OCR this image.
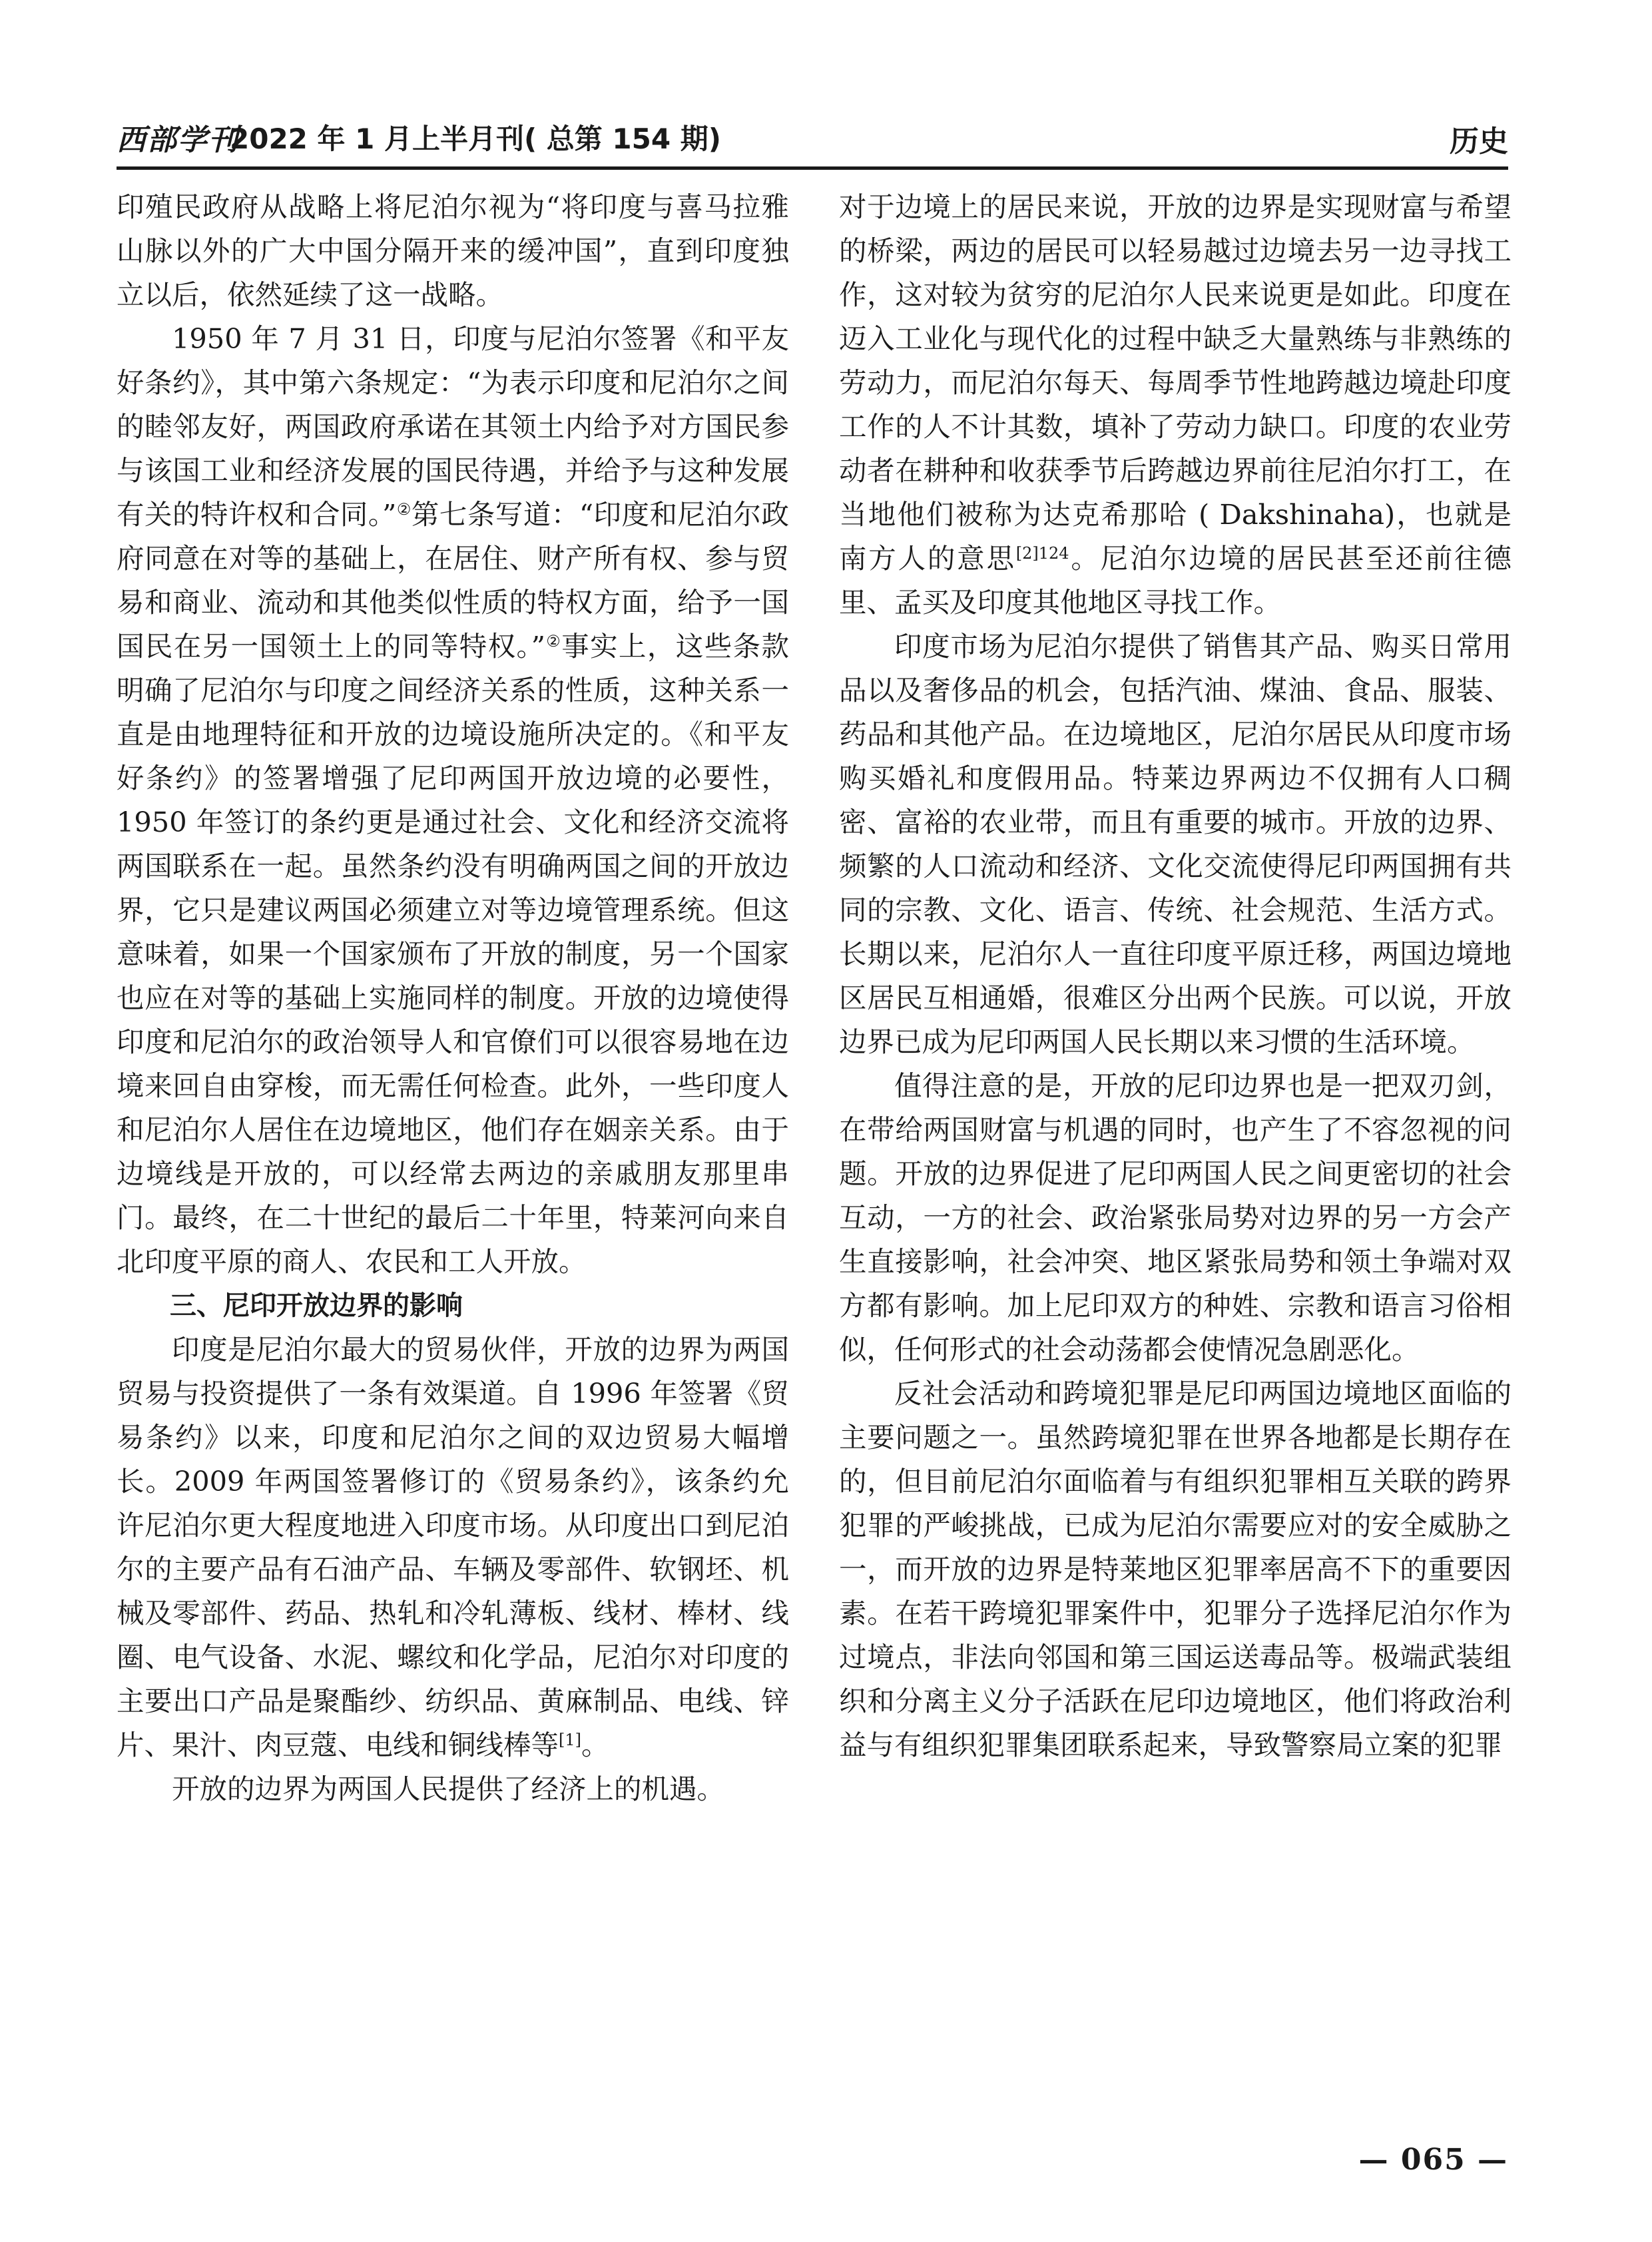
西部学刊
2022 年 1 月上半月刊( 总第 154 期)	历史

印殖民政府从战略上将尼泊尔视为“将印度与喜马拉雅山脉以外的广大中国分隔开来的缓冲国”，直到印度独立以后，依然延续了这一战略。

1950 年 7 月 31 日，印度与尼泊尔签署《和平友好条约》，其中第六条规定：“为表示印度和尼泊尔之间的睦邻友好，两国政府承诺在其领土内给予对方国民参与该国工业和经济发展的国民待遇，并给予与这种发展有关的特许权和合同。”②第七条写道：“印度和尼泊尔政府同意在对等的基础上，在居住、财产所有权、参与贸易和商业、流动和其他类似性质的特权方面，给予一国国民在另一国领土上的同等特权。”②事实上，这些条款明确了尼泊尔与印度之间经济关系的性质，这种关系一直是由地理特征和开放的边境设施所决定的。《和平友好条约》的签署增强了尼印两国开放边境的必要性，1950 年签订的条约更是通过社会、文化和经济交流将两国联系在一起。虽然条约没有明确两国之间的开放边界，它只是建议两国必须建立对等边境管理系统。但这意味着，如果一个国家颁布了开放的制度，另一个国家也应在对等的基础上实施同样的制度。开放的边境使得印度和尼泊尔的政治领导人和官僚们可以很容易地在边境来回自由穿梭，而无需任何检查。此外，一些印度人和尼泊尔人居住在边境地区，他们存在姻亲关系。由于边境线是开放的，可以经常去两边的亲戚朋友那里串门。最终，在二十世纪的最后二十年里，特莱河向来自北印度平原的商人、农民和工人开放。

三、尼印开放边界的影响

印度是尼泊尔最大的贸易伙伴，开放的边界为两国贸易与投资提供了一条有效渠道。自 1996 年签署《贸易条约》以来，印度和尼泊尔之间的双边贸易大幅增长。2009 年两国签署修订的《贸易条约》，该条约允许尼泊尔更大程度地进入印度市场。从印度出口到尼泊尔的主要产品有石油产品、车辆及零部件、软钢坯、机械及零部件、药品、热轧和冷轧薄板、线材、棒材、线圈、电气设备、水泥、螺纹和化学品，尼泊尔对印度的主要出口产品是聚酯纱、纺织品、黄麻制品、电线、锌片、果汁、肉豆蔻、电线和铜线棒等[1]。

开放的边界为两国人民提供了经济上的机遇。

对于边境上的居民来说，开放的边界是实现财富与希望的桥梁，两边的居民可以轻易越过边境去另一边寻找工作，这对较为贫穷的尼泊尔人民来说更是如此。印度在迈入工业化与现代化的过程中缺乏大量熟练与非熟练的劳动力，而尼泊尔每天、每周季节性地跨越边境赴印度工作的人不计其数，填补了劳动力缺口。印度的农业劳动者在耕种和收获季节后跨越边界前往尼泊尔打工，在当地他们被称为达克希那哈 ( Dakshinaha)，也就是南方人的意思$^{[2]124}$。尼泊尔边境的居民甚至还前往德里、孟买及印度其他地区寻找工作。

印度市场为尼泊尔提供了销售其产品、购买日常用品以及奢侈品的机会，包括汽油、煤油、食品、服装、药品和其他产品。在边境地区，尼泊尔居民从印度市场购买婚礼和度假用品。特莱边界两边不仅拥有人口稠密、富裕的农业带，而且有重要的城市。开放的边界、频繁的人口流动和经济、文化交流使得尼印两国拥有共同的宗教、文化、语言、传统、社会规范、生活方式。长期以来，尼泊尔人一直往印度平原迁移，两国边境地区居民互相通婚，很难区分出两个民族。可以说，开放边界已成为尼印两国人民长期以来习惯的生活环境。

值得注意的是，开放的尼印边界也是一把双刃剑，在带给两国财富与机遇的同时，也产生了不容忽视的问题。开放的边界促进了尼印两国人民之间更密切的社会互动，一方的社会、政治紧张局势对边界的另一方会产生直接影响，社会冲突、地区紧张局势和领土争端对双方都有影响。加上尼印双方的种姓、宗教和语言习俗相似，任何形式的社会动荡都会使情况急剧恶化。

反社会活动和跨境犯罪是尼印两国边境地区面临的主要问题之一。虽然跨境犯罪在世界各地都是长期存在的，但目前尼泊尔面临着与有组织犯罪相互关联的跨界犯罪的严峻挑战，已成为尼泊尔需要应对的安全威胁之一，而开放的边界是特莱地区犯罪率居高不下的重要因素。在若干跨境犯罪案件中，犯罪分子选择尼泊尔作为过境点，非法向邻国和第三国运送毒品等。极端武装组织和分离主义分子活跃在尼印边境地区，他们将政治利益与有组织犯罪集团联系起来，导致警察局立案的犯罪

— 065 —
